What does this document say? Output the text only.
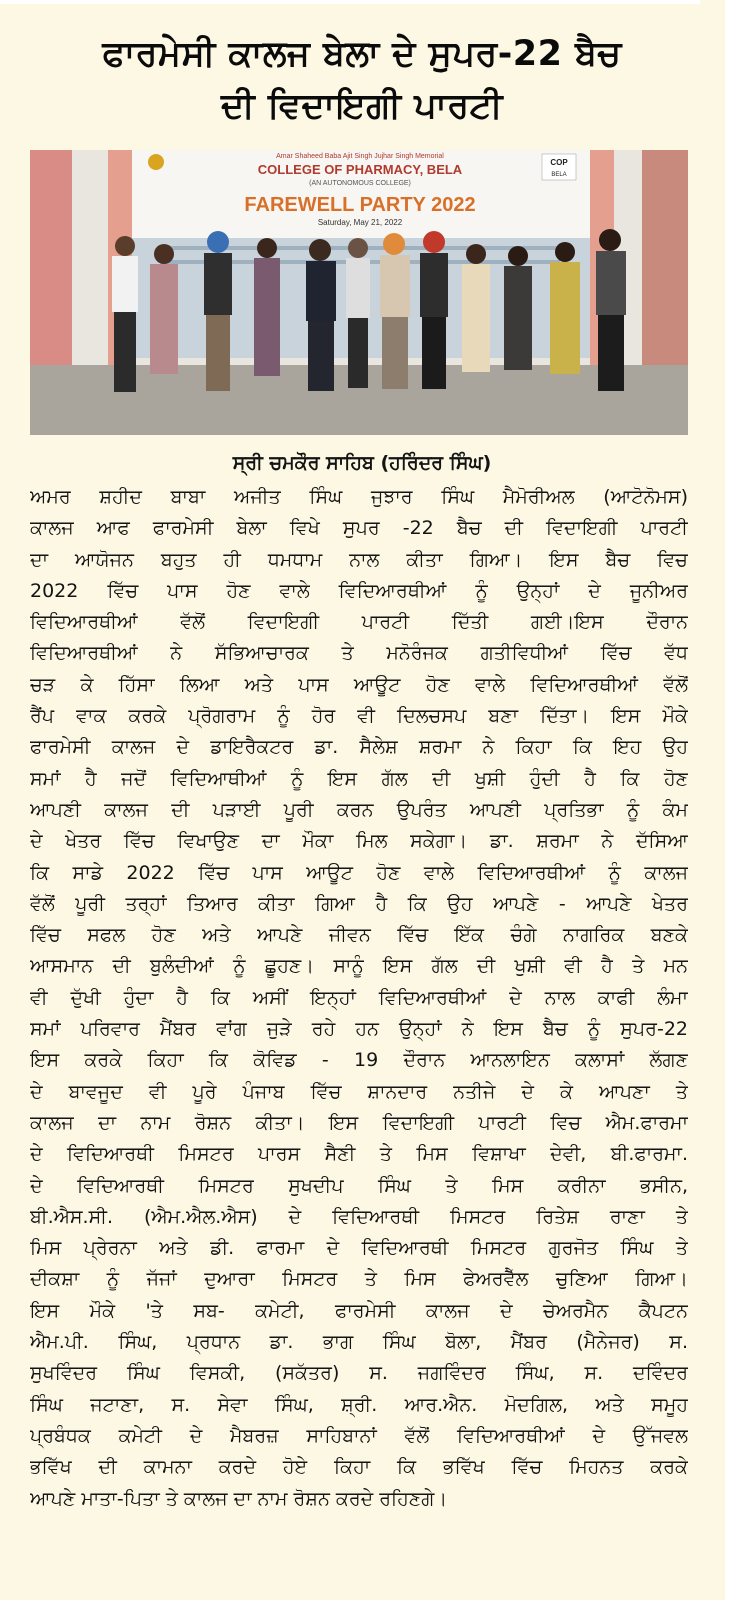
ਫਾਰਮੇਸੀ ਕਾਲਜ ਬੇਲਾ ਦੇ ਸੁਪਰ-22 ਬੈਚ
ਦੀ ਵਿਦਾਇਗੀ ਪਾਰਟੀ
Amar Shaheed Baba Ajit Singh Jujhar Singh Memorial
COLLEGE OF PHARMACY, BELA
(AN AUTONOMOUS COLLEGE)
FAREWELL PARTY 2022
Saturday, May 21, 2022
COP
BELA
ਸ੍ਰੀ ਚਮਕੌਰ ਸਾਹਿਬ (ਹਰਿੰਦਰ ਸਿੰਘ)
ਅਮਰ ਸ਼ਹੀਦ ਬਾਬਾ ਅਜੀਤ ਸਿੰਘ ਜੁਝਾਰ ਸਿੰਘ ਮੈਮੋਰੀਅਲ (ਆਟੋਨੋਮਸ)
ਕਾਲਜ ਆਫ ਫਾਰਮੇਸੀ ਬੇਲਾ ਵਿਖੇ ਸੁਪਰ -22 ਬੈਚ ਦੀ ਵਿਦਾਇਗੀ ਪਾਰਟੀ
ਦਾ ਆਯੋਜਨ ਬਹੁਤ ਹੀ ਧਮਧਾਮ ਨਾਲ ਕੀਤਾ ਗਿਆ। ਇਸ ਬੈਚ ਵਿਚ
2022 ਵਿੱਚ ਪਾਸ ਹੋਣ ਵਾਲੇ ਵਿਦਿਆਰਥੀਆਂ ਨੂੰ ਉਨ੍ਹਾਂ ਦੇ ਜੂਨੀਅਰ
ਵਿਦਿਆਰਥੀਆਂ ਵੱਲੋਂ ਵਿਦਾਇਗੀ ਪਾਰਟੀ ਦਿੱਤੀ ਗਈ।ਇਸ ਦੌਰਾਨ
ਵਿਦਿਆਰਥੀਆਂ ਨੇ ਸੱਭਿਆਚਾਰਕ ਤੇ ਮਨੋਰੰਜਕ ਗਤੀਵਿਧੀਆਂ ਵਿੱਚ ਵੱਧ
ਚੜ ਕੇ ਹਿੱਸਾ ਲਿਆ ਅਤੇ ਪਾਸ ਆਊਟ ਹੋਣ ਵਾਲੇ ਵਿਦਿਆਰਥੀਆਂ ਵੱਲੋਂ
ਰੈਂਪ ਵਾਕ ਕਰਕੇ ਪ੍ਰੋਗਰਾਮ ਨੂੰ ਹੋਰ ਵੀ ਦਿਲਚਸਪ ਬਣਾ ਦਿੱਤਾ। ਇਸ ਮੌਕੇ
ਫਾਰਮੇਸੀ ਕਾਲਜ ਦੇ ਡਾਇਰੈਕਟਰ ਡਾ. ਸੈਲੇਸ਼ ਸ਼ਰਮਾ ਨੇ ਕਿਹਾ ਕਿ ਇਹ ਉਹ
ਸਮਾਂ ਹੈ ਜਦੋਂ ਵਿਦਿਆਥੀਆਂ ਨੂੰ ਇਸ ਗੱਲ ਦੀ ਖੁਸ਼ੀ ਹੁੰਦੀ ਹੈ ਕਿ ਹੋਣ
ਆਪਣੀ ਕਾਲਜ ਦੀ ਪੜਾਈ ਪੂਰੀ ਕਰਨ ਉਪਰੰਤ ਆਪਣੀ ਪ੍ਰਤਿਭਾ ਨੂੰ ਕੰਮ
ਦੇ ਖੇਤਰ ਵਿੱਚ ਵਿਖਾਉਣ ਦਾ ਮੌਕਾ ਮਿਲ ਸਕੇਗਾ। ਡਾ. ਸ਼ਰਮਾ ਨੇ ਦੱਸਿਆ
ਕਿ ਸਾਡੇ 2022 ਵਿੱਚ ਪਾਸ ਆਊਟ ਹੋਣ ਵਾਲੇ ਵਿਦਿਆਰਥੀਆਂ ਨੂੰ ਕਾਲਜ
ਵੱਲੋਂ ਪੂਰੀ ਤਰ੍ਹਾਂ ਤਿਆਰ ਕੀਤਾ ਗਿਆ ਹੈ ਕਿ ਉਹ ਆਪਣੇ - ਆਪਣੇ ਖੇਤਰ
ਵਿੱਚ ਸਫਲ ਹੋਣ ਅਤੇ ਆਪਣੇ ਜੀਵਨ ਵਿੱਚ ਇੱਕ ਚੰਗੇ ਨਾਗਰਿਕ ਬਣਕੇ
ਆਸਮਾਨ ਦੀ ਬੁਲੰਦੀਆਂ ਨੂੰ ਛੂਹਣ। ਸਾਨੂੰ ਇਸ ਗੱਲ ਦੀ ਖੁਸ਼ੀ ਵੀ ਹੈ ਤੇ ਮਨ
ਵੀ ਦੁੱਖੀ ਹੁੰਦਾ ਹੈ ਕਿ ਅਸੀਂ ਇਨ੍ਹਾਂ ਵਿਦਿਆਰਥੀਆਂ ਦੇ ਨਾਲ ਕਾਫੀ ਲੰਮਾ
ਸਮਾਂ ਪਰਿਵਾਰ ਮੈਂਬਰ ਵਾਂਗ ਜੁੜੇ ਰਹੇ ਹਨ ਉਨ੍ਹਾਂ ਨੇ ਇਸ ਬੈਚ ਨੂੰ ਸੁਪਰ-22
ਇਸ ਕਰਕੇ ਕਿਹਾ ਕਿ ਕੋਵਿਡ - 19 ਦੌਰਾਨ ਆਨਲਾਇਨ ਕਲਾਸਾਂ ਲੱਗਣ
ਦੇ ਬਾਵਜੂਦ ਵੀ ਪੂਰੇ ਪੰਜਾਬ ਵਿੱਚ ਸ਼ਾਨਦਾਰ ਨਤੀਜੇ ਦੇ ਕੇ ਆਪਣਾ ਤੇ
ਕਾਲਜ ਦਾ ਨਾਮ ਰੋਸ਼ਨ ਕੀਤਾ। ਇਸ ਵਿਦਾਇਗੀ ਪਾਰਟੀ ਵਿਚ ਐਮ.ਫਾਰਮਾ
ਦੇ ਵਿਦਿਆਰਥੀ ਮਿਸਟਰ ਪਾਰਸ ਸੈਣੀ ਤੇ ਮਿਸ ਵਿਸ਼ਾਖਾ ਦੇਵੀ, ਬੀ.ਫਾਰਮਾ.
ਦੇ ਵਿਦਿਆਰਥੀ ਮਿਸਟਰ ਸੁਖਦੀਪ ਸਿੰਘ ਤੇ ਮਿਸ ਕਰੀਨਾ ਭਸੀਨ,
ਬੀ.ਐਸ.ਸੀ. (ਐਮ.ਐਲ.ਐਸ) ਦੇ ਵਿਦਿਆਰਥੀ ਮਿਸਟਰ ਰਿਤੇਸ਼ ਰਾਣਾ ਤੇ
ਮਿਸ ਪ੍ਰੇਰਨਾ ਅਤੇ ਡੀ. ਫਾਰਮਾ ਦੇ ਵਿਦਿਆਰਥੀ ਮਿਸਟਰ ਗੁਰਜੋਤ ਸਿੰਘ ਤੇ
ਦੀਕਸ਼ਾ ਨੂੰ ਜੱਜਾਂ ਦੁਆਰਾ ਮਿਸਟਰ ਤੇ ਮਿਸ ਫੇਅਰਵੈੱਲ ਚੁਣਿਆ ਗਿਆ।
ਇਸ ਮੌਕੇ 'ਤੇ ਸਬ- ਕਮੇਟੀ, ਫਾਰਮੇਸੀ ਕਾਲਜ ਦੇ ਚੇਅਰਮੈਨ ਕੈਪਟਨ
ਐਮ.ਪੀ. ਸਿੰਘ, ਪ੍ਰਧਾਨ ਡਾ. ਭਾਗ ਸਿੰਘ ਬੋਲਾ, ਮੈਂਬਰ (ਮੈਨੇਜਰ) ਸ.
ਸੁਖਵਿੰਦਰ ਸਿੰਘ ਵਿਸਕੀ, (ਸਕੱਤਰ) ਸ. ਜਗਵਿੰਦਰ ਸਿੰਘ, ਸ. ਦਵਿੰਦਰ
ਸਿੰਘ ਜਟਾਣਾ, ਸ. ਸੇਵਾ ਸਿੰਘ, ਸ਼੍ਰੀ. ਆਰ.ਐਨ. ਮੋਦਗਿਲ, ਅਤੇ ਸਮੂਹ
ਪ੍ਰਬੰਧਕ ਕਮੇਟੀ ਦੇ ਮੈਬਰਜ਼ ਸਾਹਿਬਾਨਾਂ ਵੱਲੋਂ ਵਿਦਿਆਰਥੀਆਂ ਦੇ ਉੱਜਵਲ
ਭਵਿੱਖ ਦੀ ਕਾਮਨਾ ਕਰਦੇ ਹੋਏ ਕਿਹਾ ਕਿ ਭਵਿੱਖ ਵਿੱਚ ਮਿਹਨਤ ਕਰਕੇ
ਆਪਣੇ ਮਾਤਾ-ਪਿਤਾ ਤੇ ਕਾਲਜ ਦਾ ਨਾਮ ਰੋਸ਼ਨ ਕਰਦੇ ਰਹਿਣਗੇ।
